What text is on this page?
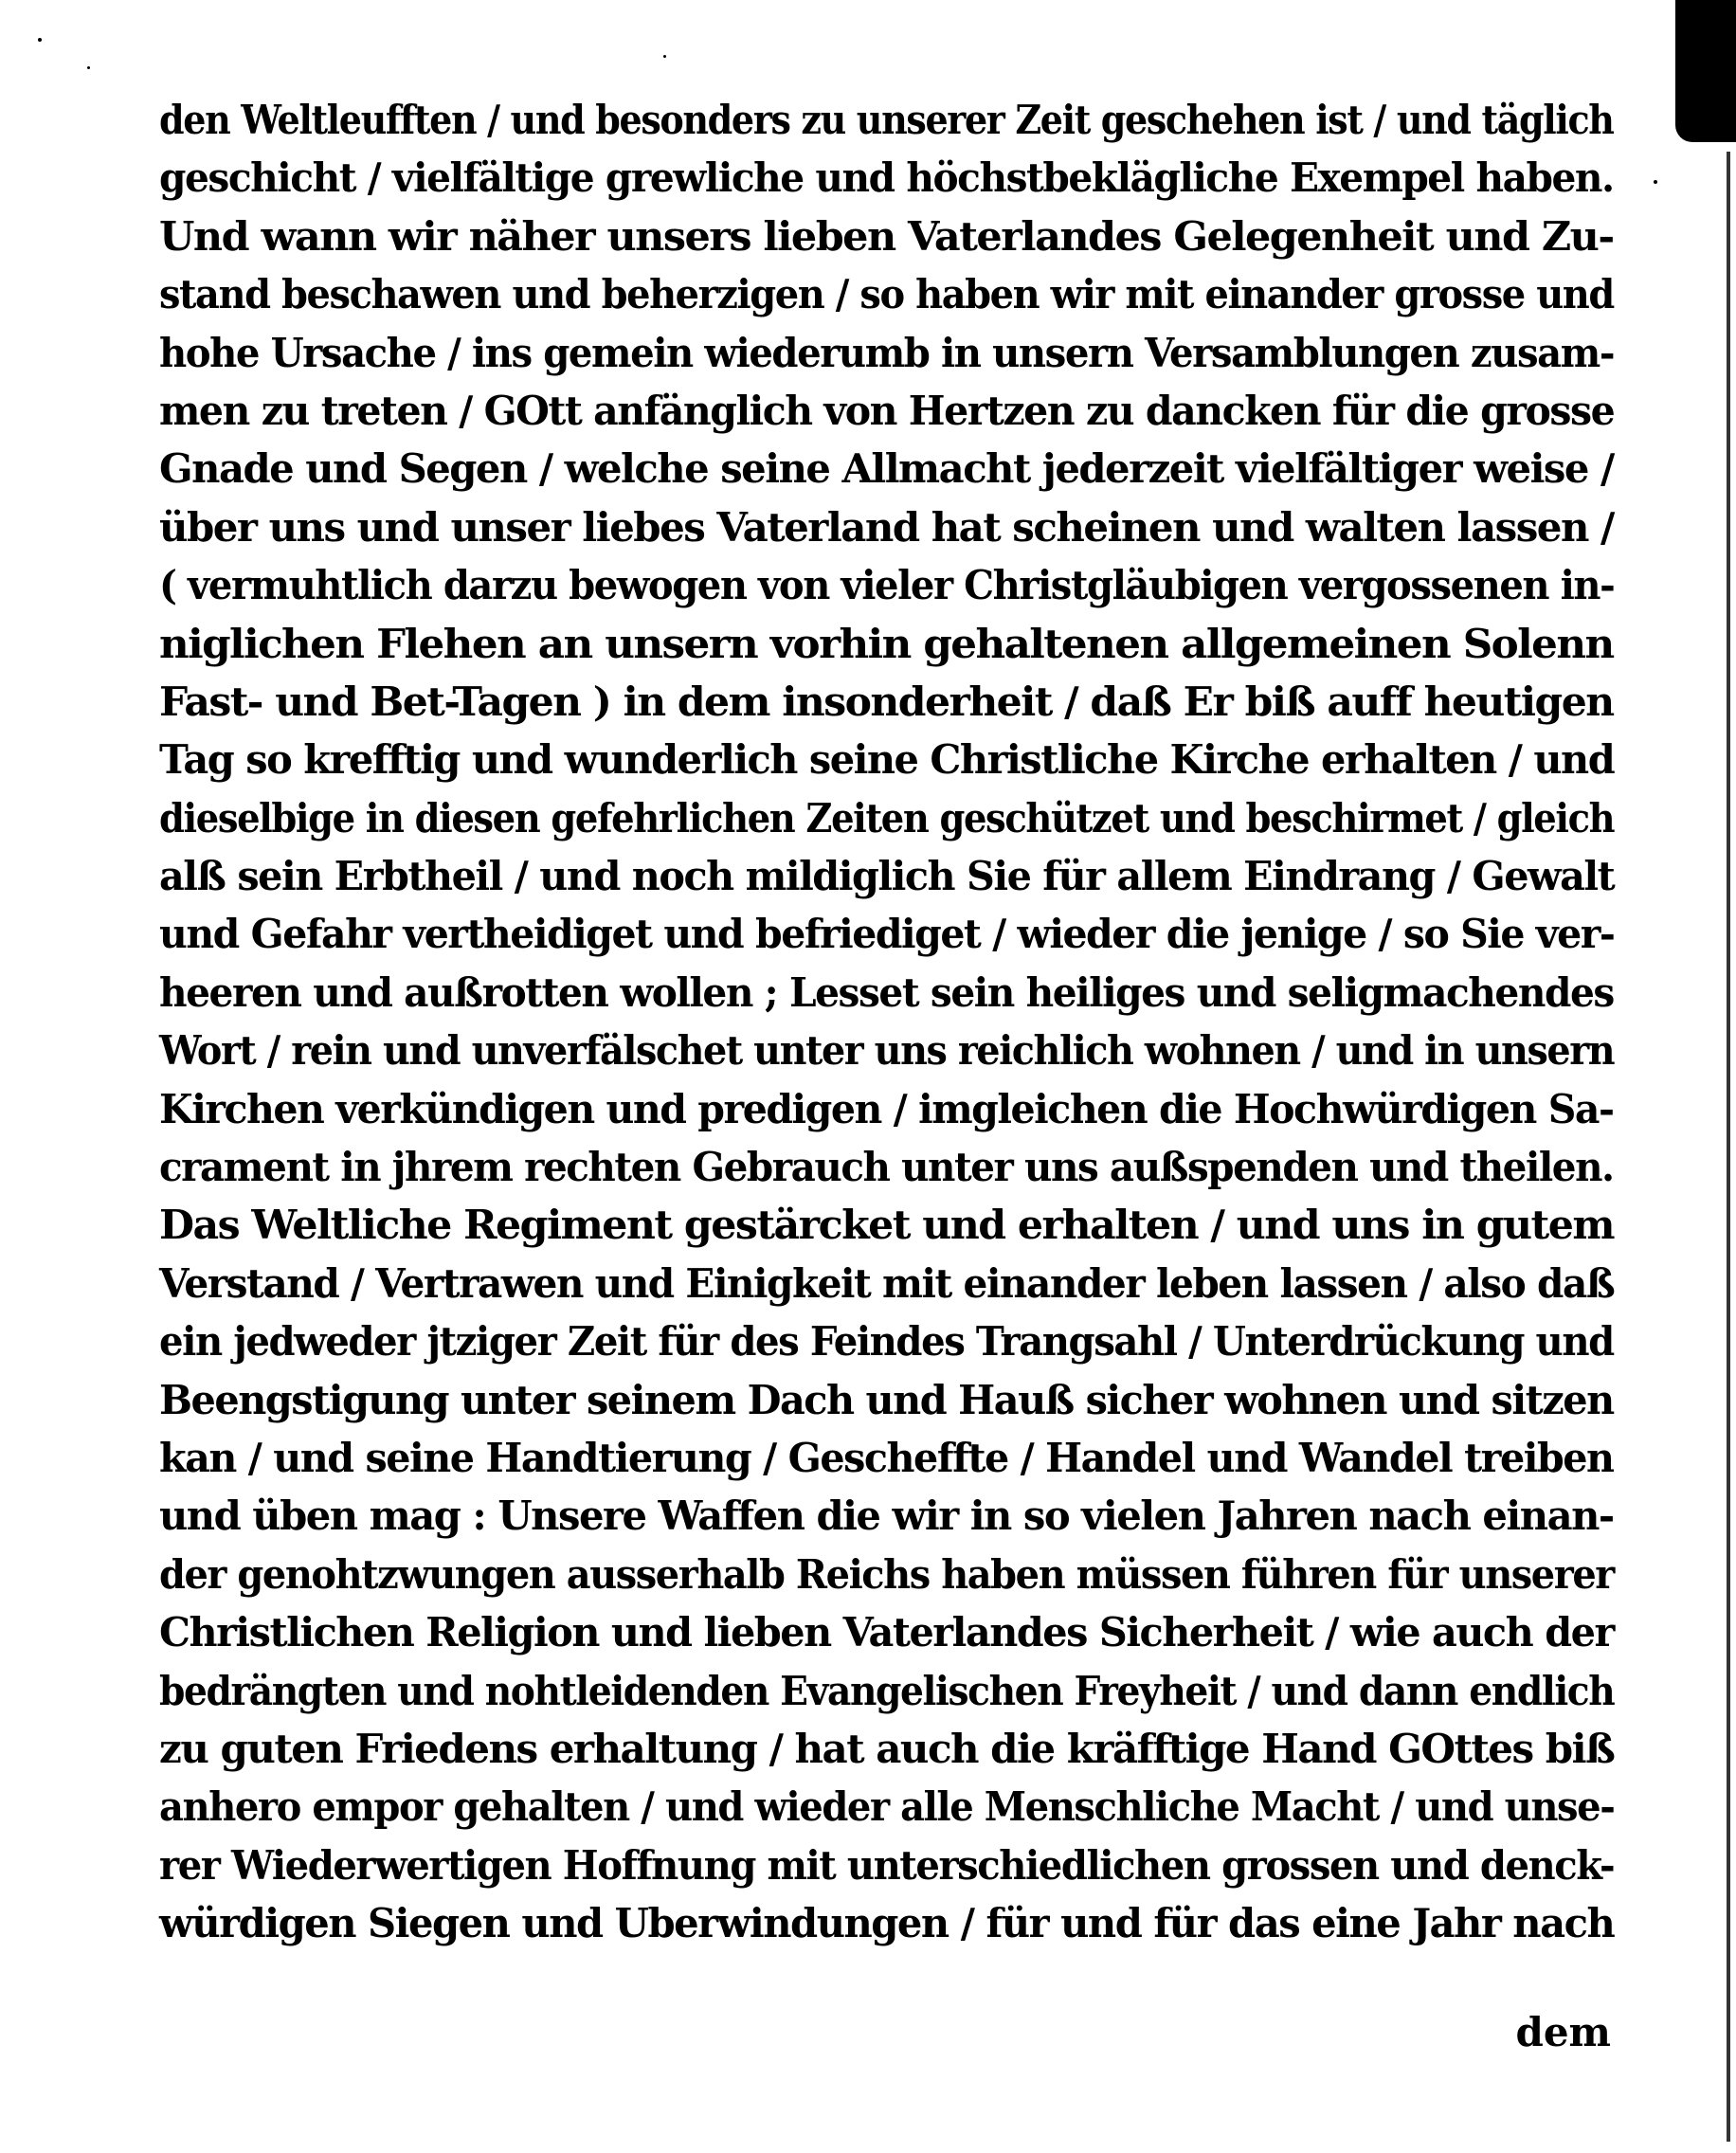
den Weltleufften / und besonders zu unserer Zeit geschehen ist / und täglich
geschicht / vielfältige grewliche und höchstbeklägliche Exempel haben.
Und wann wir näher unsers lieben Vaterlandes Gelegenheit und Zu-
stand beschawen und beherzigen / so haben wir mit einander grosse und
hohe Ursache / ins gemein wiederumb in unsern Versamblungen zusam-
men zu treten / GOtt anfänglich von Hertzen zu dancken für die grosse
Gnade und Segen / welche seine Allmacht jederzeit vielfältiger weise /
über uns und unser liebes Vaterland hat scheinen und walten lassen /
( vermuhtlich darzu bewogen von vieler Christgläubigen vergossenen in-
niglichen Flehen an unsern vorhin gehaltenen allgemeinen Solenn
Fast- und Bet-Tagen ) in dem insonderheit / daß Er biß auff heutigen
Tag so krefftig und wunderlich seine Christliche Kirche erhalten / und
dieselbige in diesen gefehrlichen Zeiten geschützet und beschirmet / gleich
alß sein Erbtheil / und noch mildiglich Sie für allem Eindrang / Gewalt
und Gefahr vertheidiget und befriediget / wieder die jenige / so Sie ver-
heeren und außrotten wollen ; Lesset sein heiliges und seligmachendes
Wort / rein und unverfälschet unter uns reichlich wohnen / und in unsern
Kirchen verkündigen und predigen / imgleichen die Hochwürdigen Sa-
crament in jhrem rechten Gebrauch unter uns außspenden und theilen.
Das Weltliche Regiment gestärcket und erhalten / und uns in gutem
Verstand / Vertrawen und Einigkeit mit einander leben lassen / also daß
ein jedweder jtziger Zeit für des Feindes Trangsahl / Unterdrückung und
Beengstigung unter seinem Dach und Hauß sicher wohnen und sitzen
kan / und seine Handtierung / Gescheffte / Handel und Wandel treiben
und üben mag : Unsere Waffen die wir in so vielen Jahren nach einan-
der genohtzwungen ausserhalb Reichs haben müssen führen für unserer
Christlichen Religion und lieben Vaterlandes Sicherheit / wie auch der
bedrängten und nohtleidenden Evangelischen Freyheit / und dann endlich
zu guten Friedens erhaltung / hat auch die kräfftige Hand GOttes biß
anhero empor gehalten / und wieder alle Menschliche Macht / und unse-
rer Wiederwertigen Hoffnung mit unterschiedlichen grossen und denck-
würdigen Siegen und Uberwindungen / für und für das eine Jahr nach
dem
